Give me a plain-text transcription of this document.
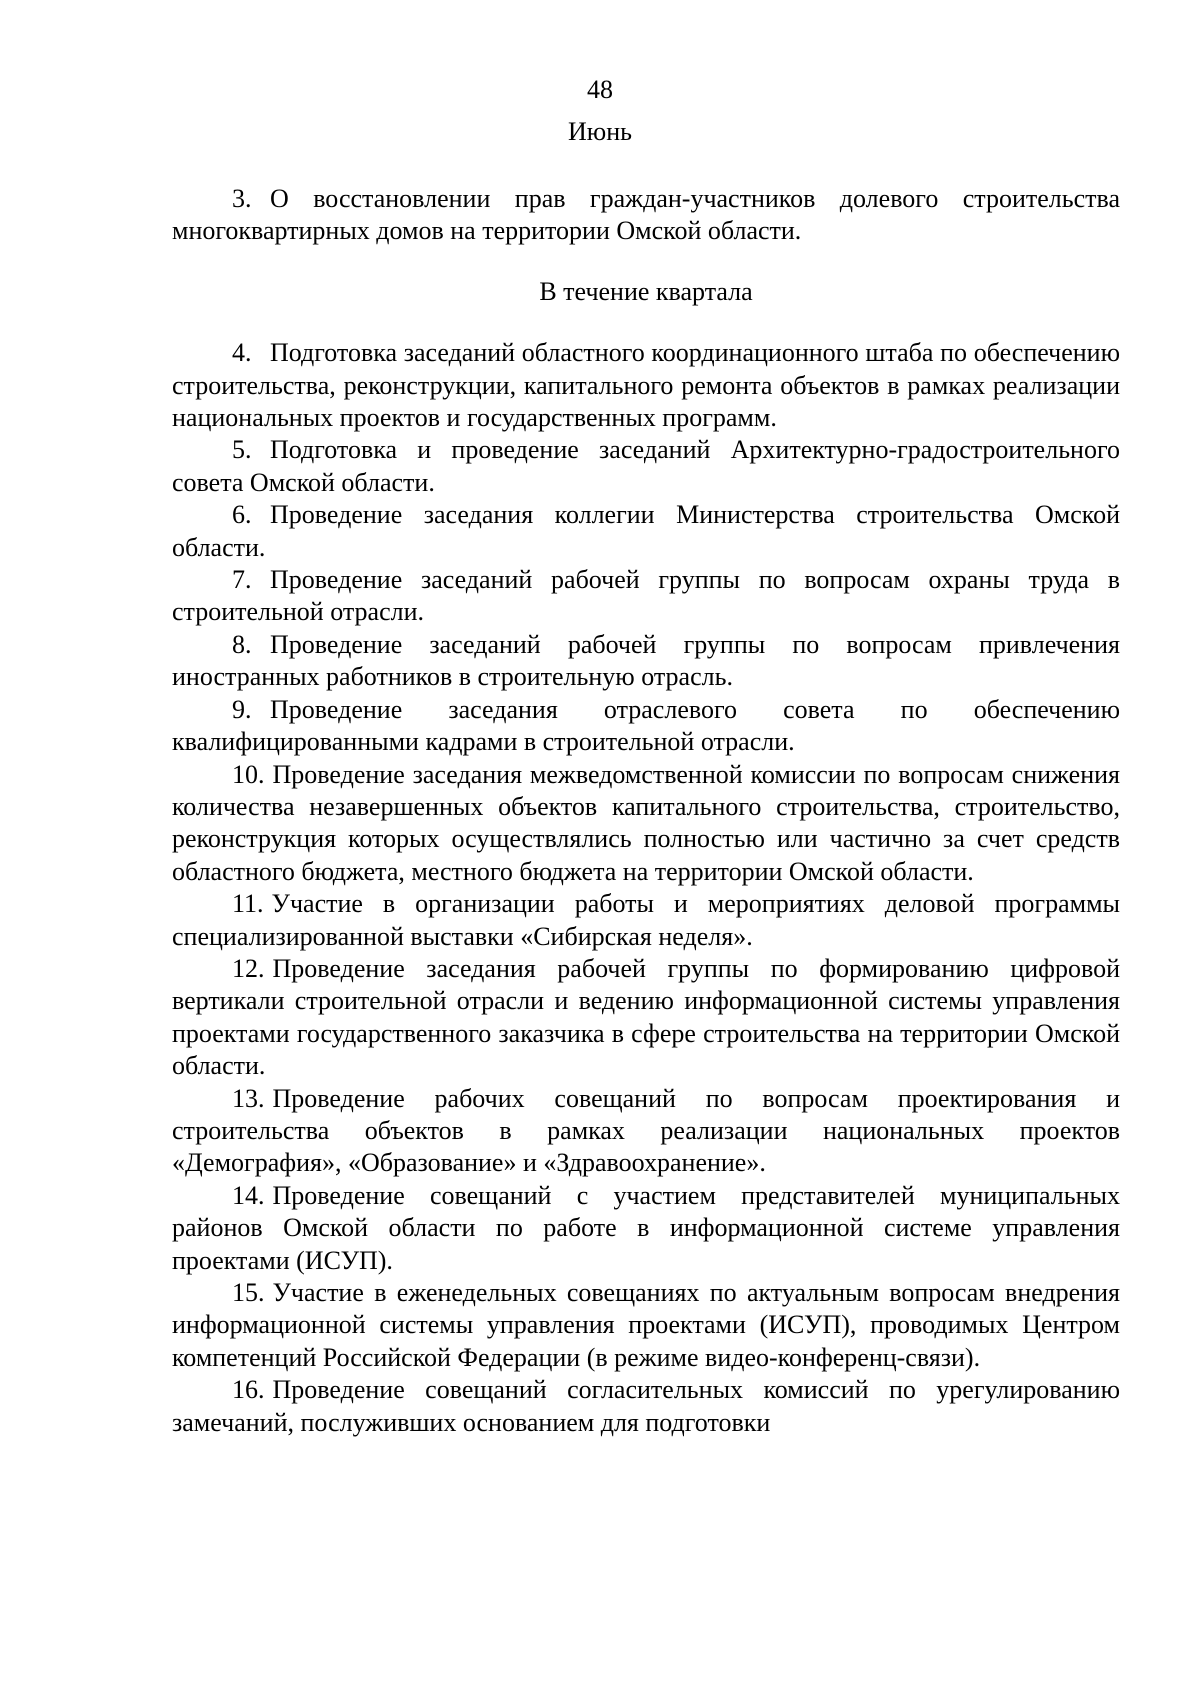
48
Июнь

3. О восстановлении прав граждан-участников долевого строительства многоквартирных домов на территории Омской области.

В течение квартала

4. Подготовка заседаний областного координационного штаба по обеспечению строительства, реконструкции, капитального ремонта объектов в рамках реализации национальных проектов и государственных программ.

5. Подготовка и проведение заседаний Архитектурно-градостроительного совета Омской области.

6. Проведение заседания коллегии Министерства строительства Омской области.

7. Проведение заседаний рабочей группы по вопросам охраны труда в строительной отрасли.

8. Проведение заседаний рабочей группы по вопросам привлечения иностранных работников в строительную отрасль.

9. Проведение заседания отраслевого совета по обеспечению квалифицированными кадрами в строительной отрасли.

10. Проведение заседания межведомственной комиссии по вопросам снижения количества незавершенных объектов капитального строительства, строительство, реконструкция которых осуществлялись полностью или частично за счет средств областного бюджета, местного бюджета на территории Омской области.

11. Участие в организации работы и мероприятиях деловой программы специализированной выставки «Сибирская неделя».

12. Проведение заседания рабочей группы по формированию цифровой вертикали строительной отрасли и ведению информационной системы управления проектами государственного заказчика в сфере строительства на территории Омской области.

13. Проведение рабочих совещаний по вопросам проектирования и строительства объектов в рамках реализации национальных проектов «Демография», «Образование» и «Здравоохранение».

14. Проведение совещаний с участием представителей муниципальных районов Омской области по работе в информационной системе управления проектами (ИСУП).

15. Участие в еженедельных совещаниях по актуальным вопросам внедрения информационной системы управления проектами (ИСУП), проводимых Центром компетенций Российской Федерации (в режиме видео-конференц-связи).

16. Проведение совещаний согласительных комиссий по урегулированию замечаний, послуживших основанием для подготовки
